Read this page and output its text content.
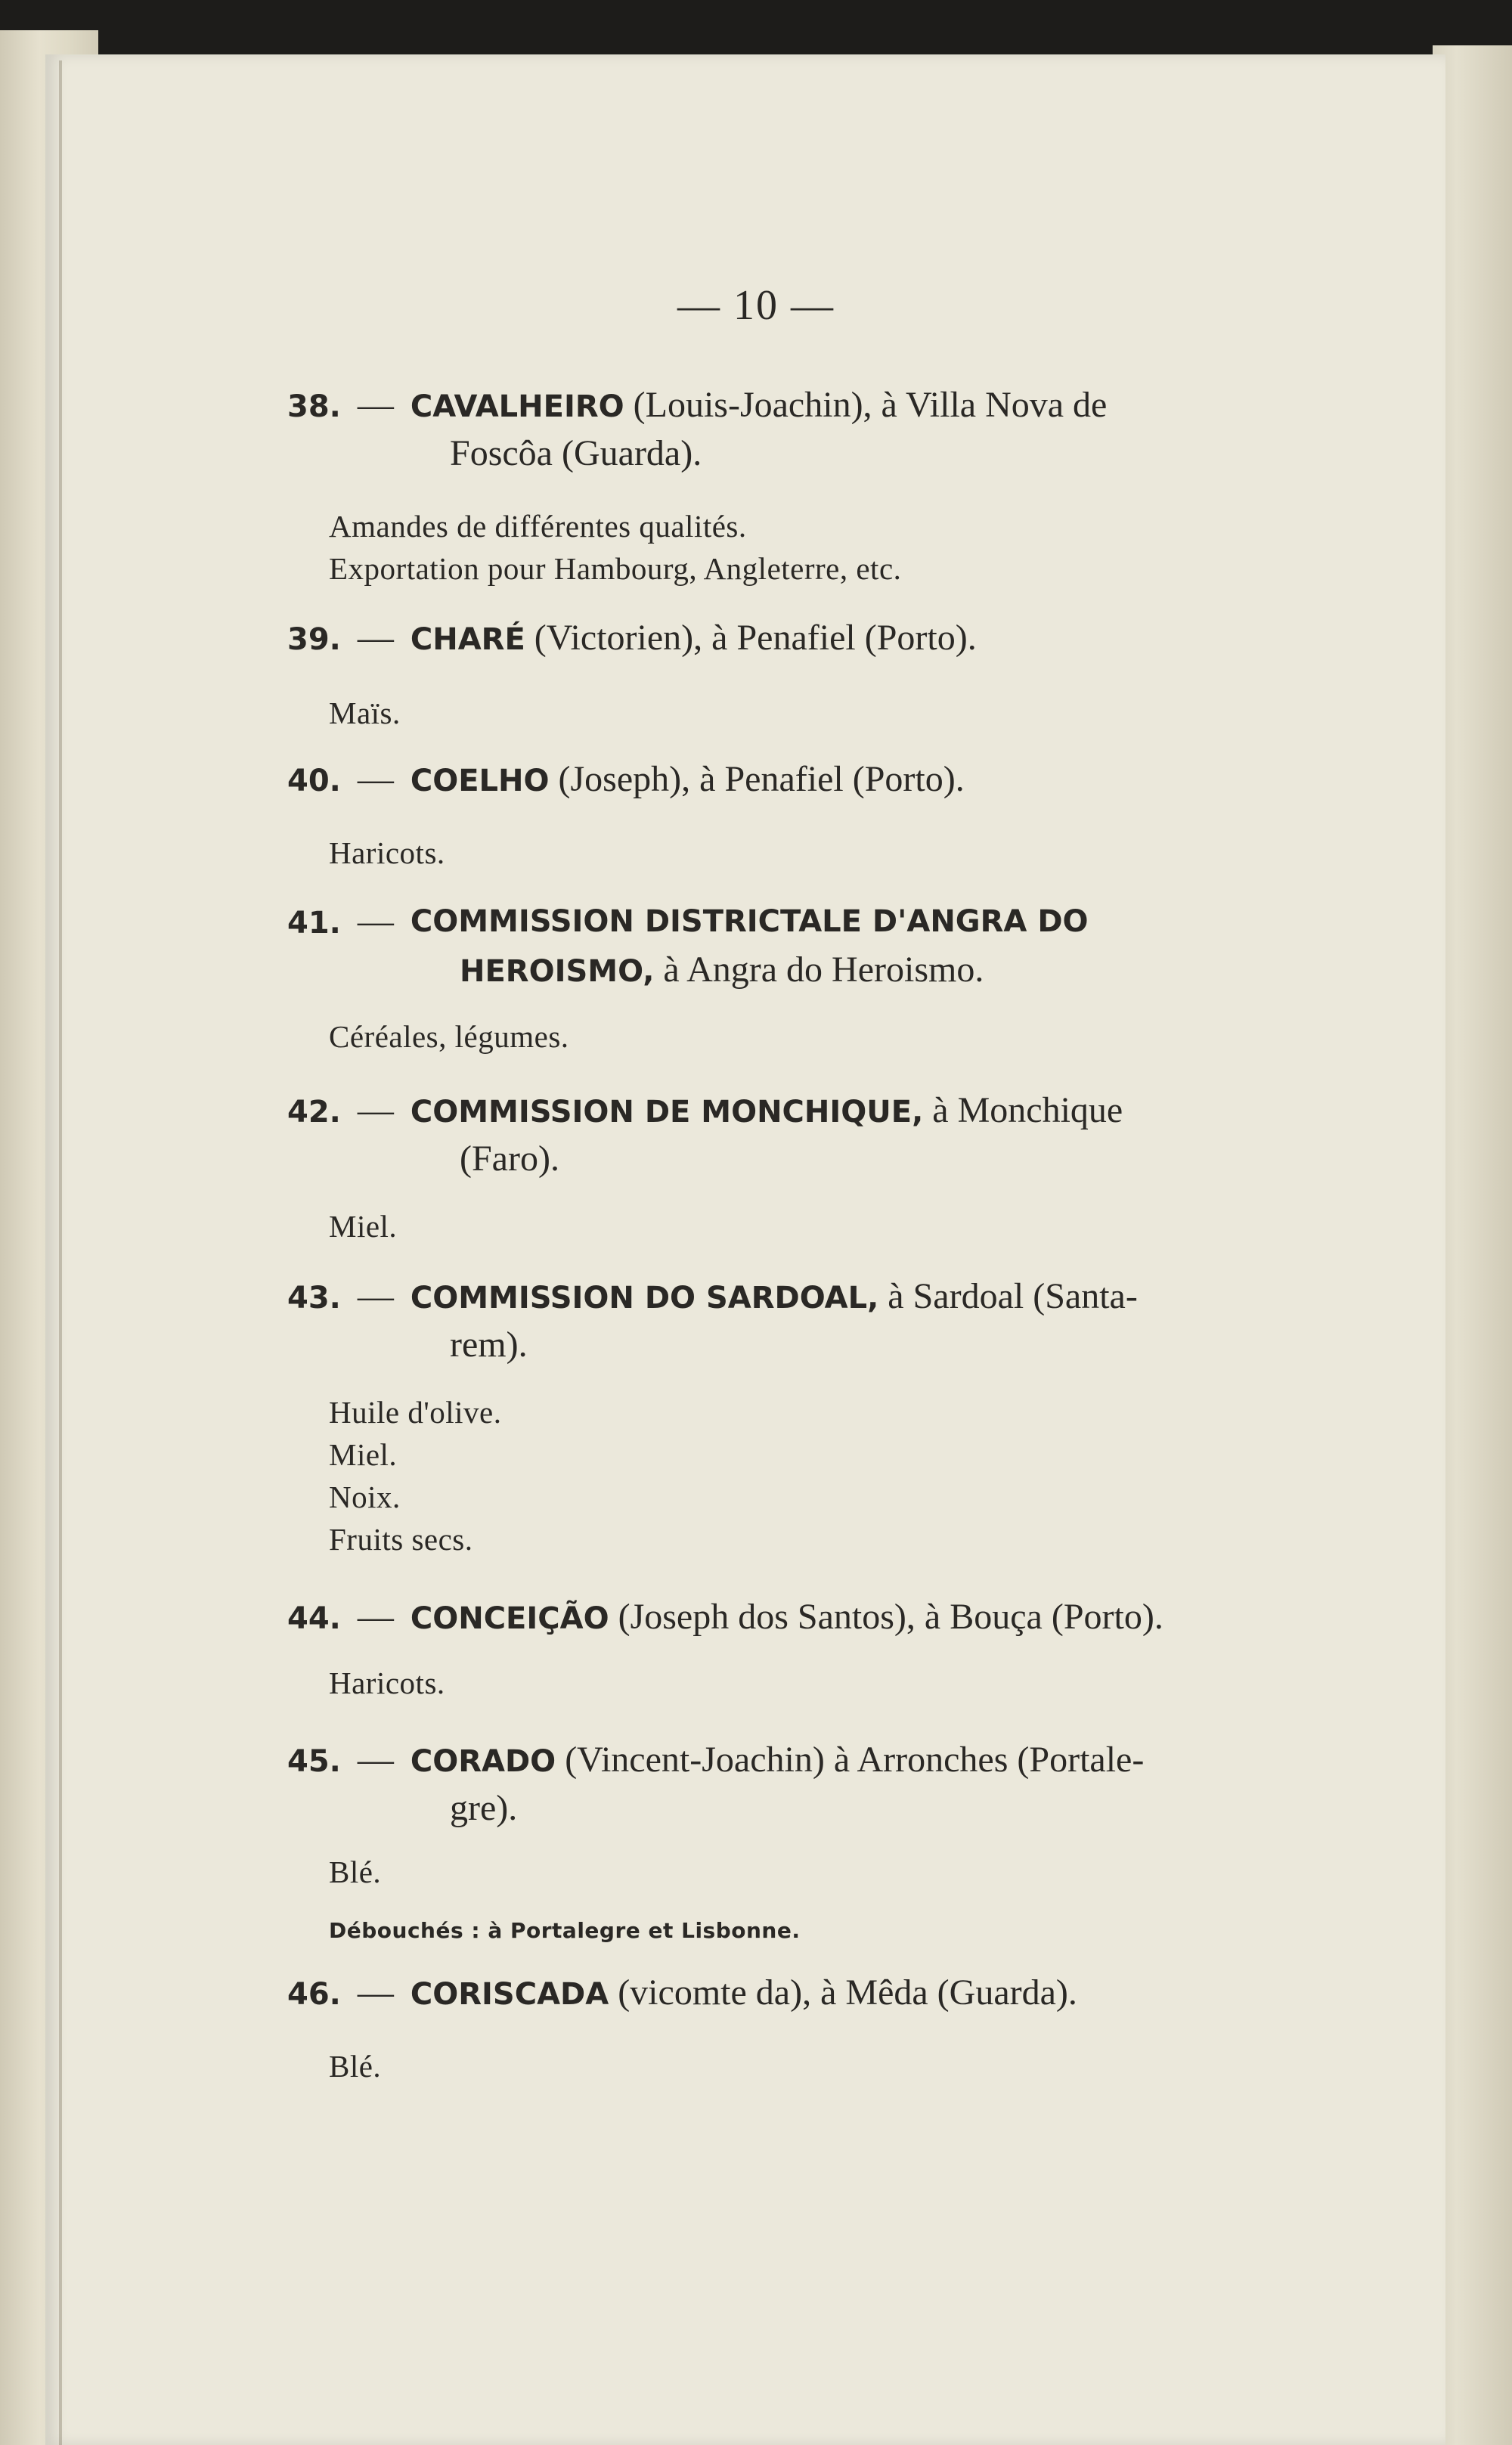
— 10 —
38. — CAVALHEIRO (Louis-Joachin), à Villa Nova de
Foscôa (Guarda).
Amandes de différentes qualités.
Exportation pour Hambourg, Angleterre, etc.
39. — CHARÉ (Victorien), à Penafiel (Porto).
Maïs.
40. — COELHO (Joseph), à Penafiel (Porto).
Haricots.
41. — COMMISSION DISTRICTALE D'ANGRA DO
HEROISMO, à Angra do Heroismo.
Céréales, légumes.
42. — COMMISSION DE MONCHIQUE, à Monchique
(Faro).
Miel.
43. — COMMISSION DO SARDOAL, à Sardoal (Santa-
rem).
Huile d'olive.
Miel.
Noix.
Fruits secs.
44. — CONCEIÇÃO (Joseph dos Santos), à Bouça (Porto).
Haricots.
45. — CORADO (Vincent-Joachin) à Arronches (Portale-
gre).
Blé.
Débouchés : à Portalegre et Lisbonne.
46. — CORISCADA (vicomte da), à Mêda (Guarda).
Blé.
